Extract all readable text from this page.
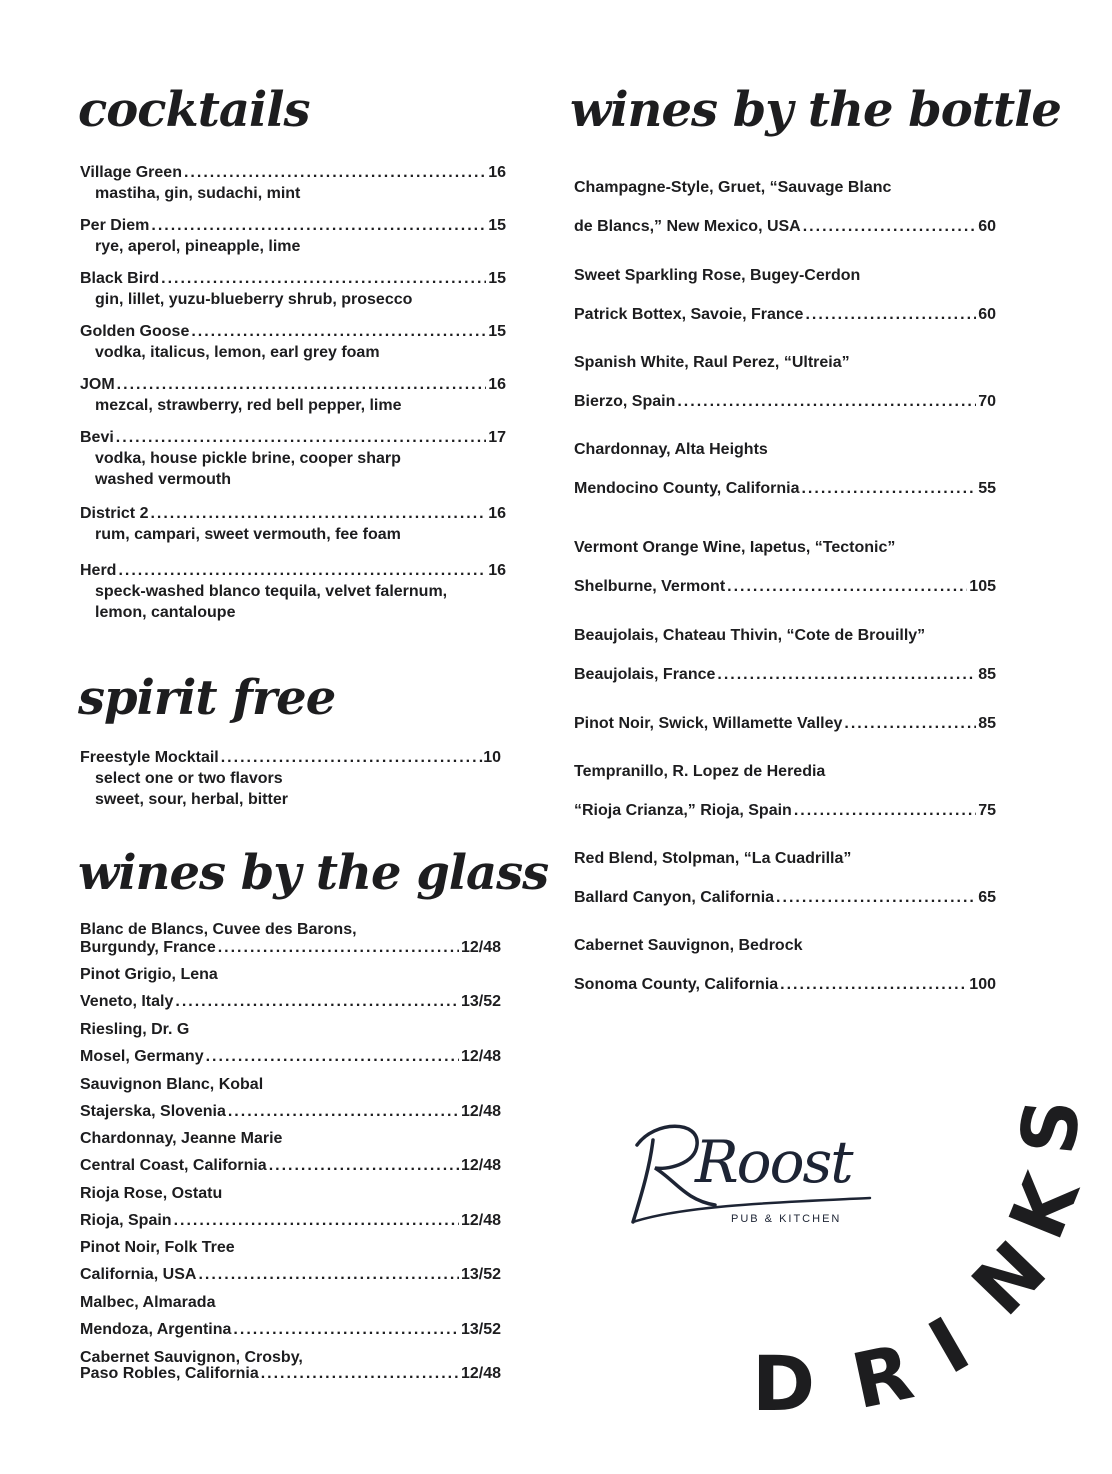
cocktails
Village Green .....	16
mastiha, gin, sudachi, mint
Per Diem .....	15
rye, aperol, pineapple, lime
Black Bird .....	15
gin, lillet, yuzu-blueberry shrub, prosecco
Golden Goose .....	15
vodka, italicus, lemon, earl grey foam
JOM .....	16
mezcal, strawberry, red bell pepper, lime
Bevi .....	17
vodka, house pickle brine, cooper sharp
washed vermouth
District 2 .....	16
rum, campari, sweet vermouth, fee foam
Herd .....	16
speck-washed blanco tequila, velvet falernum,
lemon, cantaloupe
spirit free
Freestyle Mocktail .....	.10
select one or two flavors
sweet, sour, herbal, bitter
wines by the glass
Blanc de Blancs, Cuvee des Barons,
Burgundy, France .....	12/48
Pinot Grigio, Lena
Veneto, Italy .....	13/52
Riesling, Dr. G
Mosel, Germany .....	12/48
Sauvignon Blanc, Kobal
Stajerska, Slovenia .....	12/48
Chardonnay, Jeanne Marie
Central Coast, California .....	12/48
Rioja Rose, Ostatu
Rioja, Spain .....	12/48
Pinot Noir, Folk Tree
California, USA .....	13/52
Malbec, Almarada
Mendoza, Argentina .....	13/52
Cabernet Sauvignon, Crosby,
Paso Robles, California .....	12/48
wines by the bottle
Champagne-Style, Gruet, “Sauvage Blanc
de Blancs,” New Mexico, USA .....	60
Sweet Sparkling Rose, Bugey-Cerdon
Patrick Bottex, Savoie, France .....	60
Spanish White, Raul Perez, “Ultreia”
Bierzo, Spain .....	70
Chardonnay, Alta Heights
Mendocino County, California .....	55
Vermont Orange Wine, Iapetus, “Tectonic”
Shelburne, Vermont .....	105
Beaujolais, Chateau Thivin, “Cote de Brouilly”
Beaujolais, France .....	85
Pinot Noir, Swick, Willamette Valley .....	85
Tempranillo, R. Lopez de Heredia
“Rioja Crianza,” Rioja, Spain .....	75
Red Blend, Stolpman, “La Cuadrilla”
Ballard Canyon, California .....	65
Cabernet Sauvignon, Bedrock
Sonoma County, California .....	100
Roost
PUB & KITCHEN
D R
I
N
K
S
